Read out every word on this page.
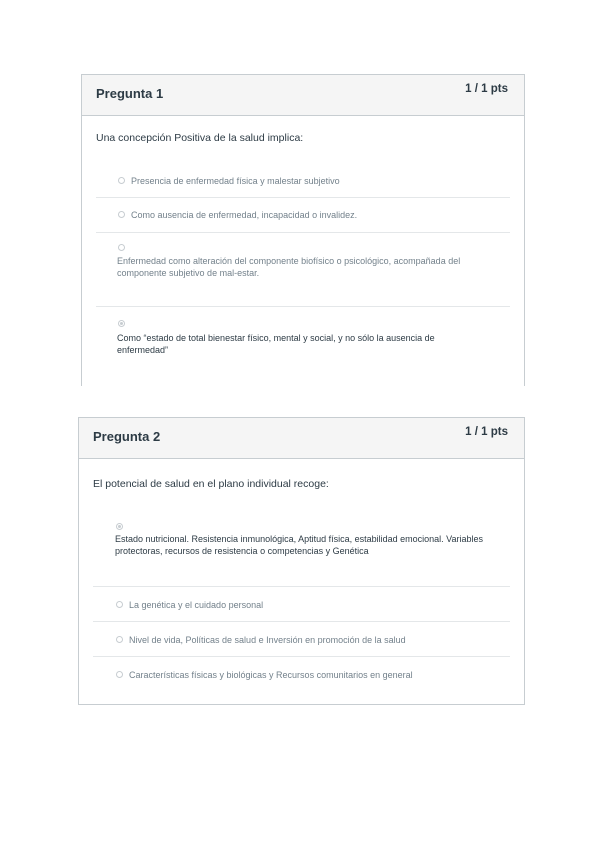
Pregunta 1	1 / 1 pts
Una concepción Positiva de la salud implica:
Presencia de enfermedad física y malestar subjetivo
Como ausencia de enfermedad, incapacidad o invalidez.
Enfermedad como alteración del componente biofísico o psicológico, acompañada del componente subjetivo de mal-estar.
Como “estado de total bienestar físico, mental y social, y no sólo la ausencia de enfermedad”
Pregunta 2	1 / 1 pts
El potencial de salud en el plano individual recoge:
Estado nutricional. Resistencia inmunológica, Aptitud física, estabilidad emocional. Variables protectoras, recursos de resistencia o competencias y Genética
La genética y el cuidado personal
Nivel de vida, Políticas de salud e Inversión en promoción de la salud
Características físicas y biológicas y Recursos comunitarios en general
